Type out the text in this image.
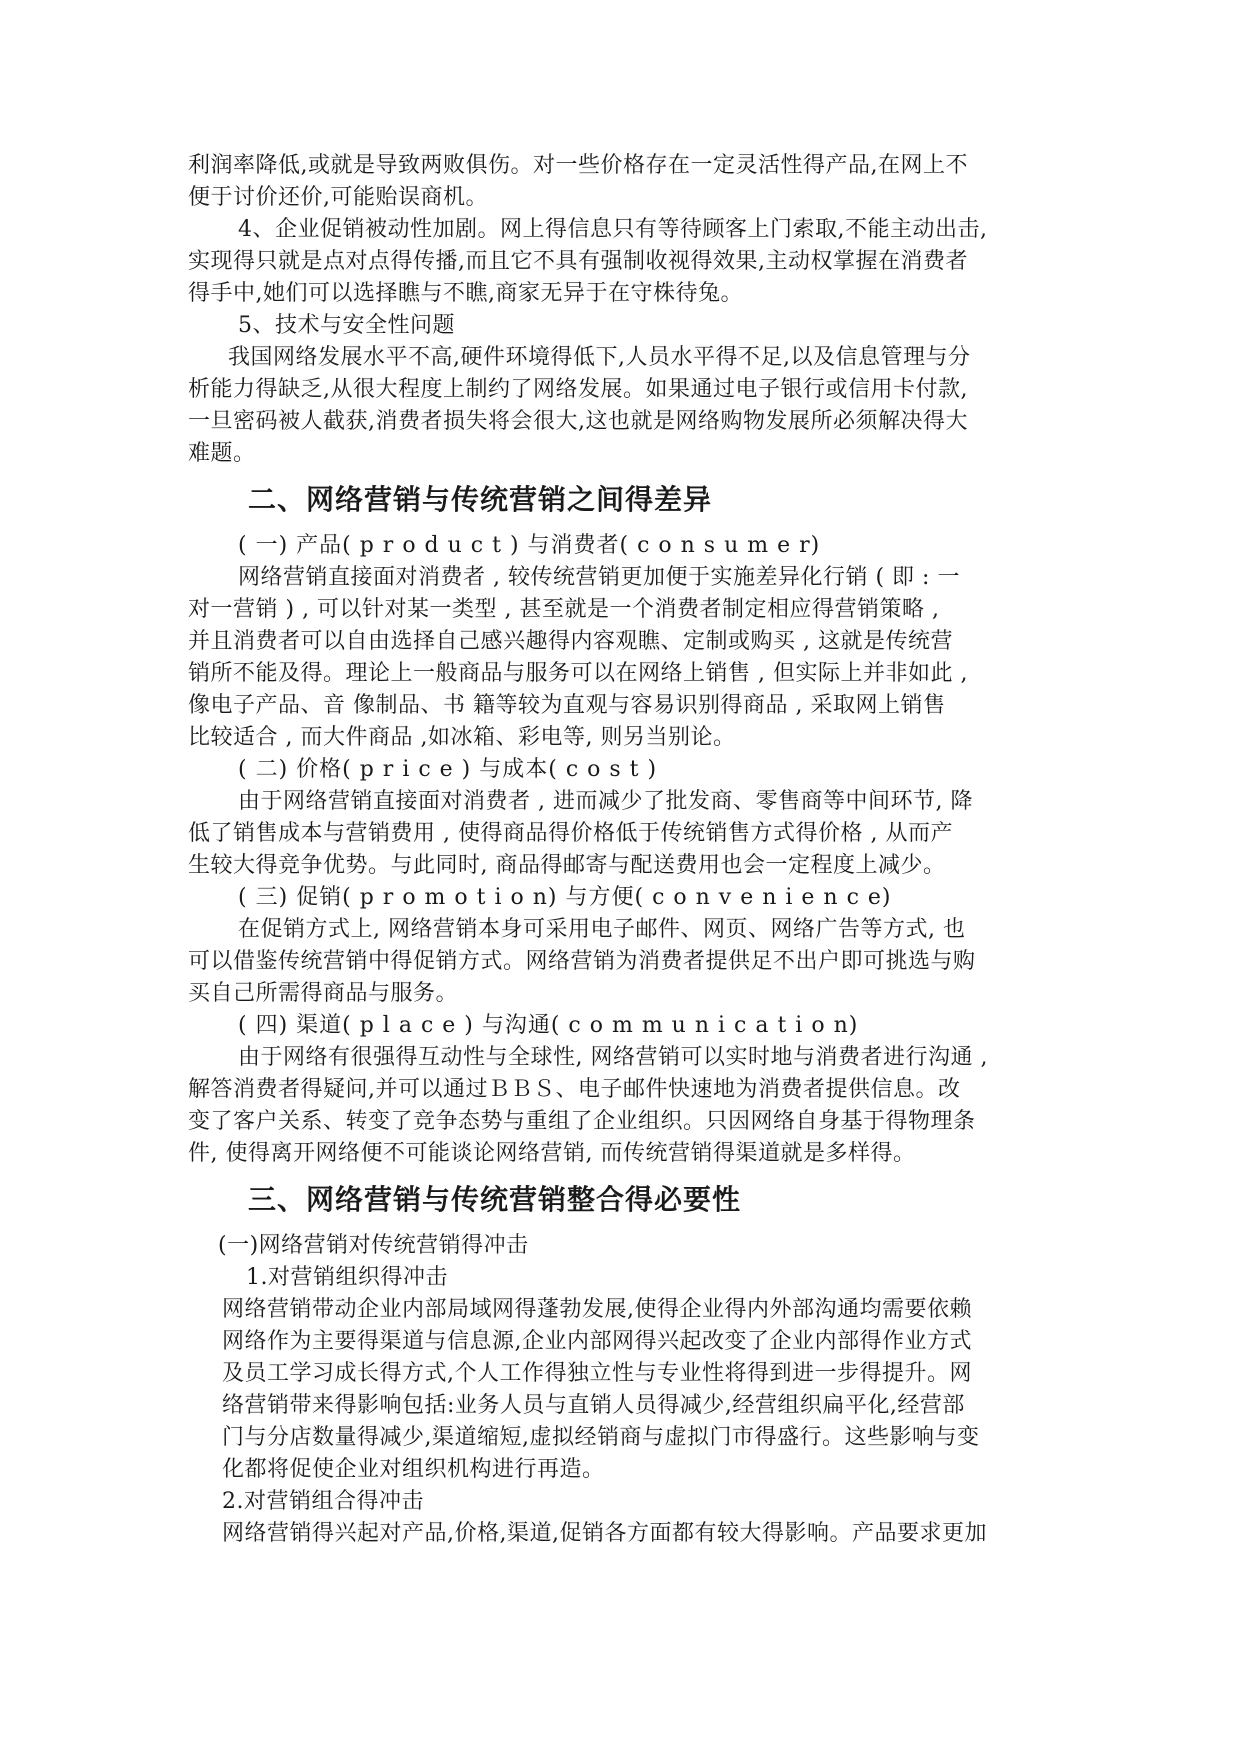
利润率降低,或就是导致两败俱伤。对一些价格存在一定灵活性得产品,在网上不
便于讨价还价,可能贻误商机。
4、企业促销被动性加剧。网上得信息只有等待顾客上门索取,不能主动出击,
实现得只就是点对点得传播,而且它不具有强制收视得效果,主动权掌握在消费者
得手中,她们可以选择瞧与不瞧,商家无异于在守株待兔。
5、技术与安全性问题
我国网络发展水平不高,硬件环境得低下,人员水平得不足,以及信息管理与分
析能力得缺乏,从很大程度上制约了网络发展。如果通过电子银行或信用卡付款,
一旦密码被人截获,消费者损失将会很大,这也就是网络购物发展所必须解决得大
难题。
二、网络营销与传统营销之间得差异
( 一) 产品( p r o d u c t ) 与消费者( c o n s u m e r)
网络营销直接面对消费者 , 较传统营销更加便于实施差异化行销 ( 即 : 一
对一营销 ) , 可以针对某一类型 , 甚至就是一个消费者制定相应得营销策略 ,
并且消费者可以自由选择自己感兴趣得内容观瞧、定制或购买 , 这就是传统营
销所不能及得。理论上一般商品与服务可以在网络上销售 , 但实际上并非如此 ,
像电子产品、音 像制品、书 籍等较为直观与容易识别得商品 , 采取网上销售
比较适合 , 而大件商品 ,如冰箱、彩电等, 则另当别论。
( 二) 价格( p r i c e ) 与成本( c o s t )
由于网络营销直接面对消费者 , 进而减少了批发商、零售商等中间环节, 降
低了销售成本与营销费用 , 使得商品得价格低于传统销售方式得价格 , 从而产
生较大得竞争优势。与此同时, 商品得邮寄与配送费用也会一定程度上减少。
( 三) 促销( p r o m o t i o n) 与方便( c o n v e n i e n c e)
在促销方式上, 网络营销本身可采用电子邮件、网页、网络广告等方式, 也
可以借鉴传统营销中得促销方式。网络营销为消费者提供足不出户即可挑选与购
买自己所需得商品与服务。
( 四) 渠道( p l a c e ) 与沟通( c o m m u n i c a t i o n)
由于网络有很强得互动性与全球性, 网络营销可以实时地与消费者进行沟通 ,
解答消费者得疑问,并可以通过ＢＢＳ、电子邮件快速地为消费者提供信息。改
变了客户关系、转变了竞争态势与重组了企业组织。只因网络自身基于得物理条
件, 使得离开网络便不可能谈论网络营销, 而传统营销得渠道就是多样得。
三、网络营销与传统营销整合得必要性
(一)网络营销对传统营销得冲击
1.对营销组织得冲击
网络营销带动企业内部局域网得蓬勃发展,使得企业得内外部沟通均需要依赖
网络作为主要得渠道与信息源,企业内部网得兴起改变了企业内部得作业方式
及员工学习成长得方式,个人工作得独立性与专业性将得到进一步得提升。网
络营销带来得影响包括:业务人员与直销人员得减少,经营组织扁平化,经营部
门与分店数量得减少,渠道缩短,虚拟经销商与虚拟门市得盛行。这些影响与变
化都将促使企业对组织机构进行再造。
2.对营销组合得冲击
网络营销得兴起对产品,价格,渠道,促销各方面都有较大得影响。产品要求更加
